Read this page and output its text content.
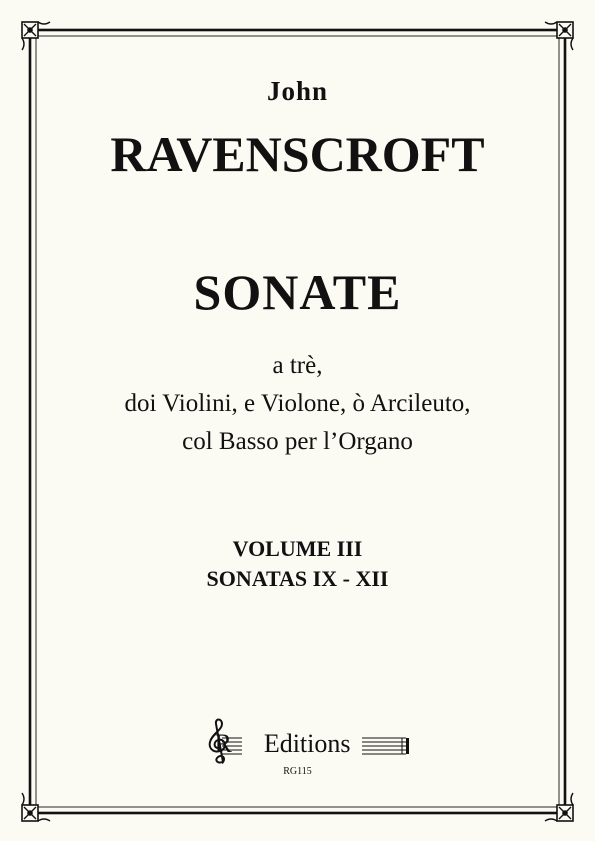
John
RAVENSCROFT
SONATE
a trè,
doi Violini, e Violone, ò Arcileuto,
col Basso per l’Organo
VOLUME III
SONATAS IX - XII
R Editions
RG115
